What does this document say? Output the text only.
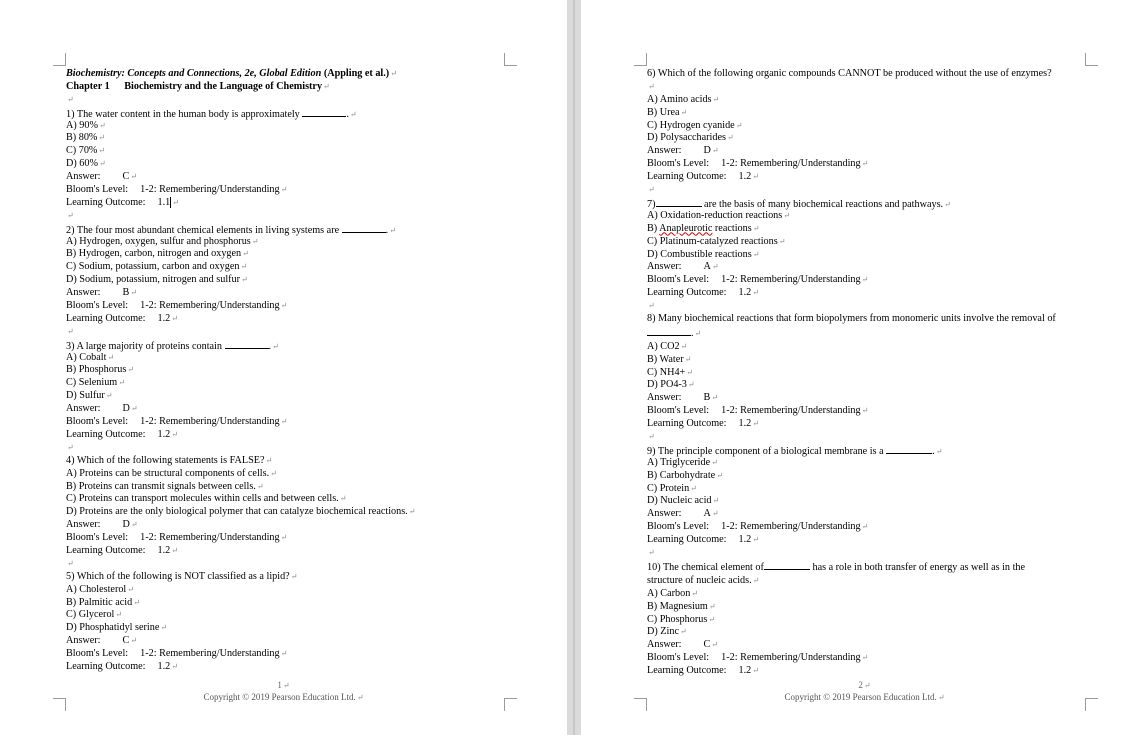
Biochemistry: Concepts and Connections, 2e, Global Edition (Appling et al.)↵
Chapter 1 Biochemistry and the Language of Chemistry↵
↵
1) The water content in the human body is approximately	.↵
A) 90%↵
B) 80%↵
C) 70%↵
D) 60%↵
Answer: C↵
Bloom's Level: 1-2: Remembering/Understanding↵
Learning Outcome: 1.1 ↵
↵
2) The four most abundant chemical elements in living systems are	.↵
A) Hydrogen, oxygen, sulfur and phosphorus↵
B) Hydrogen, carbon, nitrogen and oxygen↵
C) Sodium, potassium, carbon and oxygen↵
D) Sodium, potassium, nitrogen and sulfur↵
Answer: B↵
Bloom's Level: 1-2: Remembering/Understanding↵
Learning Outcome: 1.2↵
↵
3) A large majority of proteins contain	.↵
A) Cobalt↵
B) Phosphorus↵
C) Selenium↵
D) Sulfur↵
Answer: D↵
Bloom's Level: 1-2: Remembering/Understanding↵
Learning Outcome: 1.2↵
↵
4) Which of the following statements is FALSE?↵
A) Proteins can be structural components of cells.↵
B) Proteins can transmit signals between cells.↵
C) Proteins can transport molecules within cells and between cells.↵
D) Proteins are the only biological polymer that can catalyze biochemical reactions.↵
Answer: D↵
Bloom's Level: 1-2: Remembering/Understanding↵
Learning Outcome: 1.2↵
↵
5) Which of the following is NOT classified as a lipid?↵
A) Cholesterol↵
B) Palmitic acid↵
C) Glycerol↵
D) Phosphatidyl serine↵
Answer: C↵
Bloom's Level: 1-2: Remembering/Understanding↵
Learning Outcome: 1.2↵
1↵
Copyright © 2019 Pearson Education Ltd.↵
6) Which of the following organic compounds CANNOT be produced without the use of enzymes?↵
A) Amino acids↵
B) Urea↵
C) Hydrogen cyanide↵
D) Polysaccharides↵
Answer: D↵
Bloom's Level: 1-2: Remembering/Understanding↵
Learning Outcome: 1.2↵
↵
7)	are the basis of many biochemical reactions and pathways.↵
A) Oxidation-reduction reactions↵
B) Anapleurotic reactions↵
C) Platinum-catalyzed reactions↵
D) Combustible reactions↵
Answer: A↵
Bloom's Level: 1-2: Remembering/Understanding↵
Learning Outcome: 1.2↵
↵
8) Many biochemical reactions that form biopolymers from monomeric units involve the removal of.↵
A) CO2↵
B) Water↵
C) NH4+↵
D) PO4-3↵
Answer: B↵
Bloom's Level: 1-2: Remembering/Understanding↵
Learning Outcome: 1.2↵
↵
9) The principle component of a biological membrane is a	.↵
A) Triglyceride↵
B) Carbohydrate↵
C) Protein↵
D) Nucleic acid↵
Answer: A↵
Bloom's Level: 1-2: Remembering/Understanding↵
Learning Outcome: 1.2↵
↵
10) The chemical element of	has a role in both transfer of energy as well as in the structure of nucleic acids.↵
A) Carbon↵
B) Magnesium↵
C) Phosphorus↵
D) Zinc↵
Answer: C↵
Bloom's Level: 1-2: Remembering/Understanding↵
Learning Outcome: 1.2↵
2↵
Copyright © 2019 Pearson Education Ltd.↵
